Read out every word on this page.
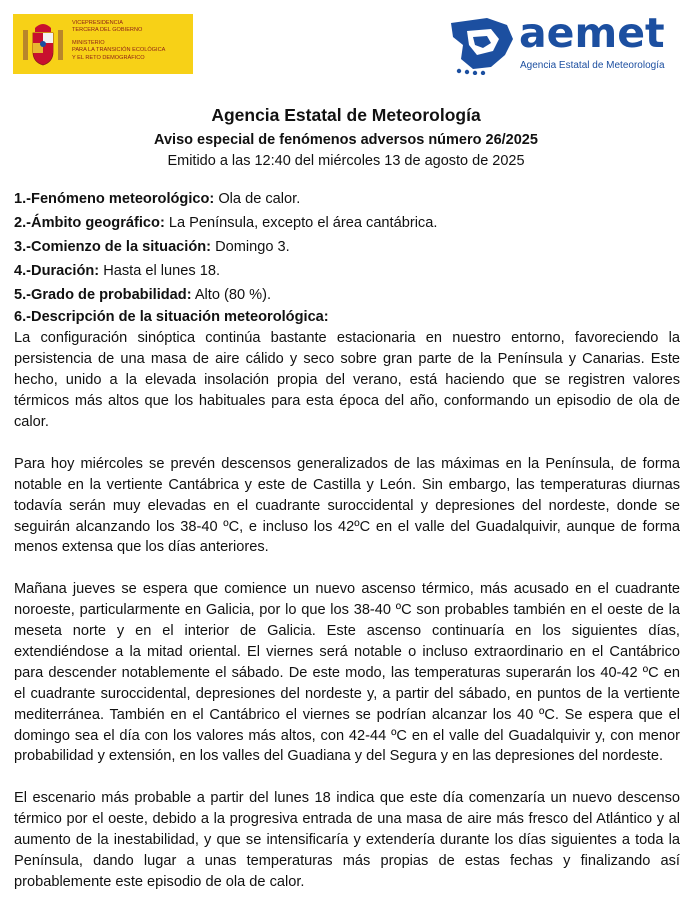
VICEPRESIDENCIA
TERCERA DEL GOBIERNO
MINISTERIO
PARA LA TRANSICIÓN ECOLÓGICA
Y EL RETO DEMOGRÁFICO
aemet
Agencia Estatal de Meteorología
Agencia Estatal de Meteorología
Aviso especial de fenómenos adversos número 26/2025
Emitido a las 12:40 del miércoles 13 de agosto de 2025
1.-Fenómeno meteorológico: Ola de calor.
2.-Ámbito geográfico: La Península, excepto el área cantábrica.
3.-Comienzo de la situación: Domingo 3.
4.-Duración: Hasta el lunes 18.
5.-Grado de probabilidad: Alto (80 %).
6.-Descripción de la situación meteorológica:

La configuración sinóptica continúa bastante estacionaria en nuestro entorno, favoreciendo la persistencia de una masa de aire cálido y seco sobre gran parte de la Península y Canarias. Este hecho, unido a la elevada insolación propia del verano, está haciendo que se registren valores térmicos más altos que los habituales para esta época del año, conformando un episodio de ola de calor.

Para hoy miércoles se prevén descensos generalizados de las máximas en la Península, de forma notable en la vertiente Cantábrica y este de Castilla y León. Sin embargo, las temperaturas diurnas todavía serán muy elevadas en el cuadrante suroccidental y depresiones del nordeste, donde se seguirán alcanzando los 38-40 ºC, e incluso los 42ºC en el valle del Guadalquivir, aunque de forma menos extensa que los días anteriores.

Mañana jueves se espera que comience un nuevo ascenso térmico, más acusado en el cuadrante noroeste, particularmente en Galicia, por lo que los 38-40 ºC son probables también en el oeste de la meseta norte y en el interior de Galicia. Este ascenso continuaría en los siguientes días, extendiéndose a la mitad oriental. El viernes será notable o incluso extraordinario en el Cantábrico para descender notablemente el sábado. De este modo, las temperaturas superarán los 40-42 ºC en el cuadrante suroccidental, depresiones del nordeste y, a partir del sábado, en puntos de la vertiente mediterránea. También en el Cantábrico el viernes se podrían alcanzar los 40 ºC. Se espera que el domingo sea el día con los valores más altos, con 42-44 ºC en el valle del Guadalquivir y, con menor probabilidad y extensión, en los valles del Guadiana y del Segura y en las depresiones del nordeste.

El escenario más probable a partir del lunes 18 indica que este día comenzaría un nuevo descenso térmico por el oeste, debido a la progresiva entrada de una masa de aire más fresco del Atlántico y al aumento de la inestabilidad, y que se intensificaría y extendería durante los días siguientes a toda la Península, dando lugar a unas temperaturas más propias de estas fechas y finalizando así probablemente este episodio de ola de calor.
